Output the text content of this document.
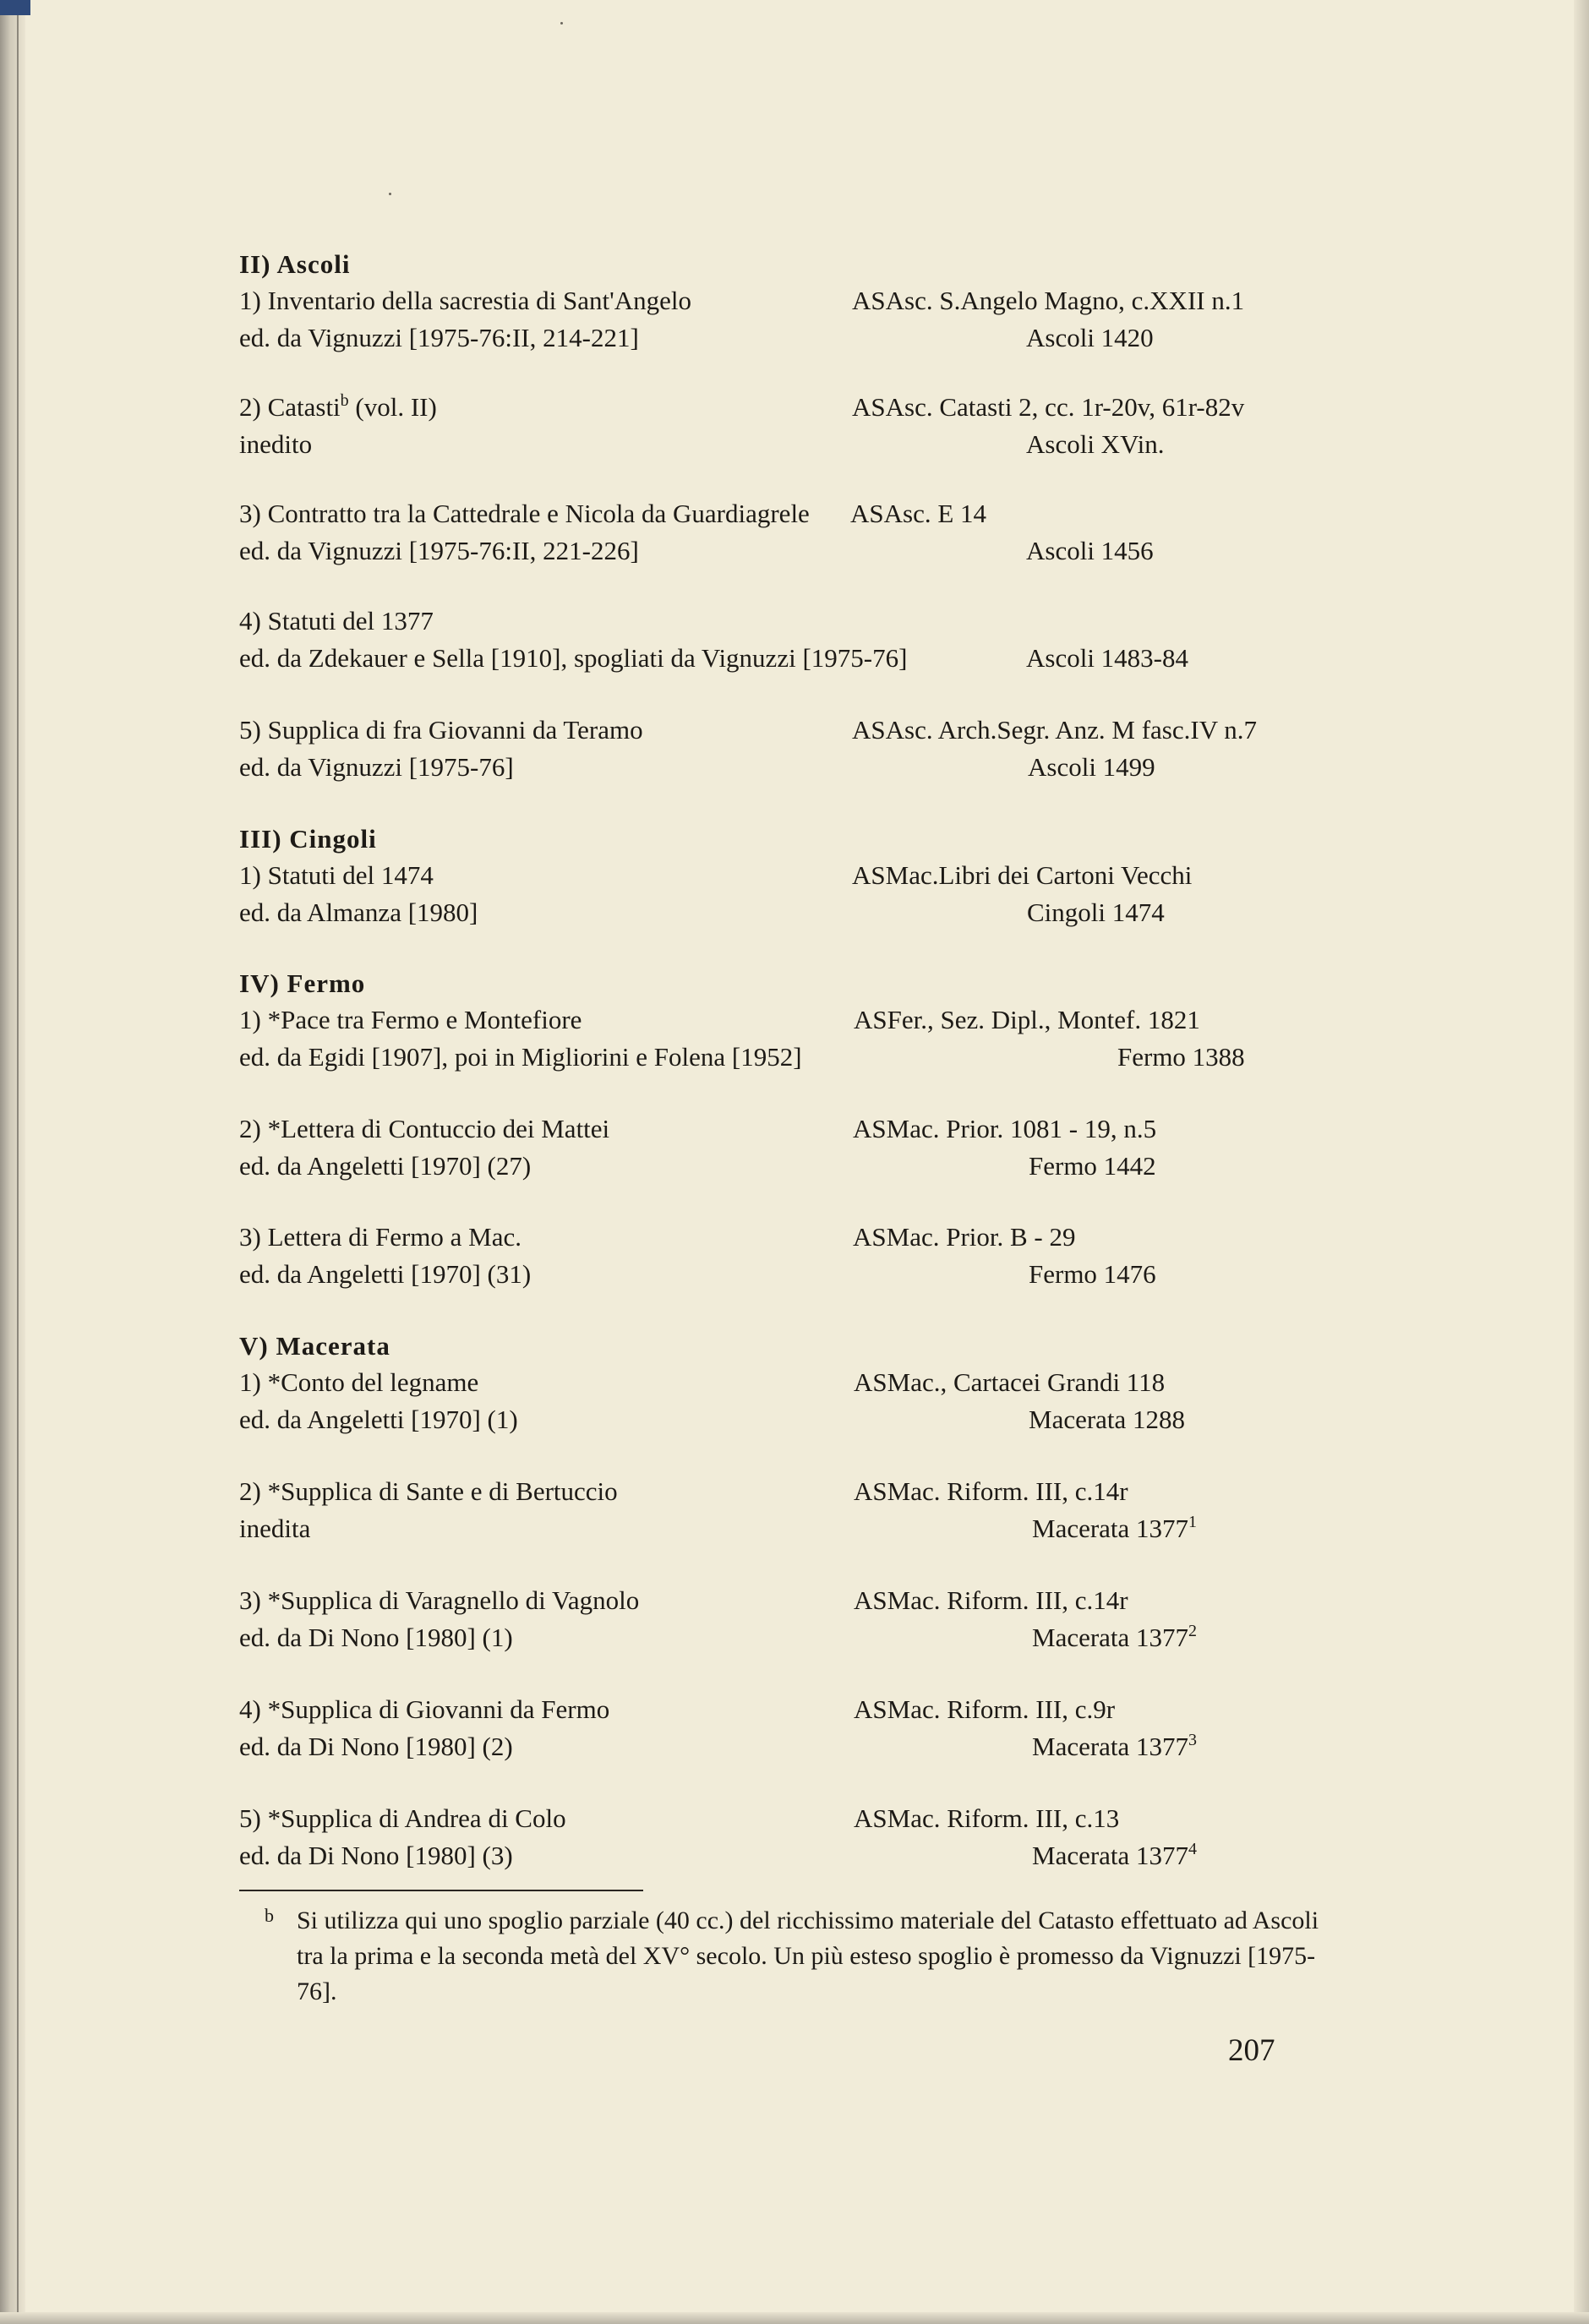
II) Ascoli
1) Inventario della sacrestia di Sant'Angelo
ed. da Vignuzzi [1975-76:II, 214-221]
ASAsc. S.Angelo Magno, c.XXII n.1
Ascoli 1420
2) Catasti$^b$ (vol. II)
inedito
ASAsc. Catasti 2, cc. 1r-20v, 61r-82v
Ascoli XVin.
3) Contratto tra la Cattedrale e Nicola da Guardiagrele
ed. da Vignuzzi [1975-76:II, 221-226]
ASAsc. E 14
Ascoli 1456
4) Statuti del 1377
ed. da Zdekauer e Sella [1910], spogliati da Vignuzzi [1975-76]	Ascoli 1483-84
5) Supplica di fra Giovanni da Teramo
ed. da Vignuzzi [1975-76]
ASAsc. Arch.Segr. Anz. M fasc.IV n.7
Ascoli 1499
III) Cingoli
1) Statuti del 1474
ed. da Almanza [1980]
ASMac.Libri dei Cartoni Vecchi
Cingoli 1474
IV) Fermo
1) *Pace tra Fermo e Montefiore
ed. da Egidi [1907], poi in Migliorini e Folena [1952]
ASFer., Sez. Dipl., Montef. 1821
Fermo 1388
2) *Lettera di Contuccio dei Mattei
ed. da Angeletti [1970] (27)
ASMac. Prior. 1081 - 19, n.5
Fermo 1442
3) Lettera di Fermo a Mac.
ed. da Angeletti [1970] (31)
ASMac. Prior. B - 29
Fermo 1476
V) Macerata
1) *Conto del legname
ed. da Angeletti [1970] (1)
ASMac., Cartacei Grandi 118
Macerata 1288
2) *Supplica di Sante e di Bertuccio
inedita
ASMac. Riform. III, c.14r
Macerata 1377$^1$
3) *Supplica di Varagnello di Vagnolo
ed. da Di Nono [1980] (1)
ASMac. Riform. III, c.14r
Macerata 1377$^2$
4) *Supplica di Giovanni da Fermo
ed. da Di Nono [1980] (2)
ASMac. Riform. III, c.9r
Macerata 1377$^3$
5) *Supplica di Andrea di Colo
ed. da Di Nono [1980] (3)
ASMac. Riform. III, c.13
Macerata 1377$^4$
b Si utilizza qui uno spoglio parziale (40 cc.) del ricchissimo materiale del Catasto effettuato ad Ascoli tra la prima e la seconda metà del XV° secolo. Un più esteso spoglio è promesso da Vignuzzi [1975-76].
207
